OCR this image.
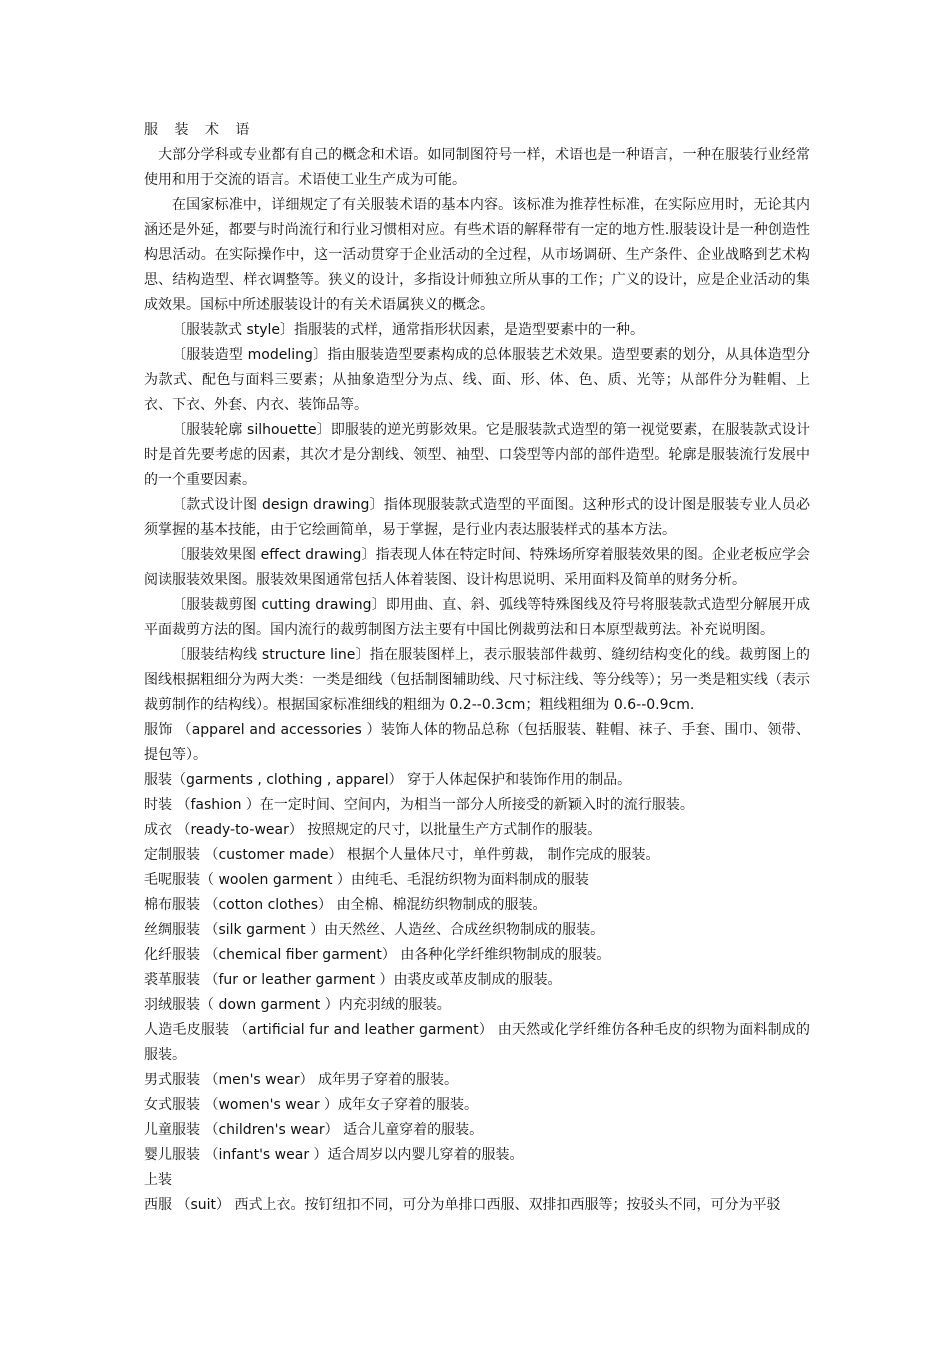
服 装 术 语

大部分学科或专业都有自己的概念和术语。如同制图符号一样，术语也是一种语言，一种在服装行业经常使用和用于交流的语言。术语使工业生产成为可能。

在国家标准中，详细规定了有关服装术语的基本内容。该标准为推荐性标准，在实际应用时，无论其内涵还是外延，都要与时尚流行和行业习惯相对应。有些术语的解释带有一定的地方性.服装设计是一种创造性构思活动。在实际操作中，这一活动贯穿于企业活动的全过程，从市场调研、生产条件、企业战略到艺术构思、结构造型、样衣调整等。狭义的设计，多指设计师独立所从事的工作；广义的设计，应是企业活动的集成效果。国标中所述服装设计的有关术语属狭义的概念。

〔服装款式 style〕指服装的式样，通常指形状因素，是造型要素中的一种。

〔服装造型 modeling〕指由服装造型要素构成的总体服装艺术效果。造型要素的划分，从具体造型分为款式、配色与面料三要素；从抽象造型分为点、线、面、形、体、色、质、光等；从部件分为鞋帽、上衣、下衣、外套、内衣、装饰品等。

〔服装轮廓 silhouette〕即服装的逆光剪影效果。它是服装款式造型的第一视觉要素，在服装款式设计时是首先要考虑的因素，其次才是分割线、领型、袖型、口袋型等内部的部件造型。轮廓是服装流行发展中的一个重要因素。

〔款式设计图 design drawing〕指体现服装款式造型的平面图。这种形式的设计图是服装专业人员必须掌握的基本技能，由于它绘画简单，易于掌握，是行业内表达服装样式的基本方法。

〔服装效果图 effect drawing〕指表现人体在特定时间、特殊场所穿着服装效果的图。企业老板应学会阅读服装效果图。服装效果图通常包括人体着装图、设计构思说明、采用面料及简单的财务分析。

〔服装裁剪图 cutting drawing〕即用曲、直、斜、弧线等特殊图线及符号将服装款式造型分解展开成平面裁剪方法的图。国内流行的裁剪制图方法主要有中国比例裁剪法和日本原型裁剪法。补充说明图。

〔服装结构线 structure line〕指在服装图样上，表示服装部件裁剪、缝纫结构变化的线。裁剪图上的图线根据粗细分为两大类：一类是细线（包括制图辅助线、尺寸标注线、等分线等）；另一类是粗实线（表示裁剪制作的结构线）。根据国家标准细线的粗细为 0.2--0.3cm；粗线粗细为 0.6--0.9cm.

服饰 （apparel and accessories ）装饰人体的物品总称（包括服装、鞋帽、袜子、手套、围巾、领带、提包等）。

服装（garments , clothing , apparel） 穿于人体起保护和装饰作用的制品。

时装 （fashion ）在一定时间、空间内，为相当一部分人所接受的新颖入时的流行服装。

成衣 （ready-to-wear） 按照规定的尺寸，以批量生产方式制作的服装。

定制服装 （customer made） 根据个人量体尺寸，单件剪裁， 制作完成的服装。

毛呢服装（ woolen garment ）由纯毛、毛混纺织物为面料制成的服装

棉布服装 （cotton clothes） 由全棉、棉混纺织物制成的服装。

丝绸服装 （silk garment ）由天然丝、人造丝、合成丝织物制成的服装。

化纤服装 （chemical fiber garment） 由各种化学纤维织物制成的服装。

裘革服装 （fur or leather garment ）由裘皮或革皮制成的服装。

羽绒服装（ down garment ）内充羽绒的服装。

人造毛皮服装 （artificial fur and leather garment） 由天然或化学纤维仿各种毛皮的织物为面料制成的服装。

男式服装 （men's wear） 成年男子穿着的服装。

女式服装 （women's wear ）成年女子穿着的服装。

儿童服装 （children's wear） 适合儿童穿着的服装。

婴儿服装 （infant's wear ）适合周岁以内婴儿穿着的服装。

上装

西服 （suit） 西式上衣。按钉纽扣不同，可分为单排口西服、双排扣西服等；按驳头不同，可分为平驳
